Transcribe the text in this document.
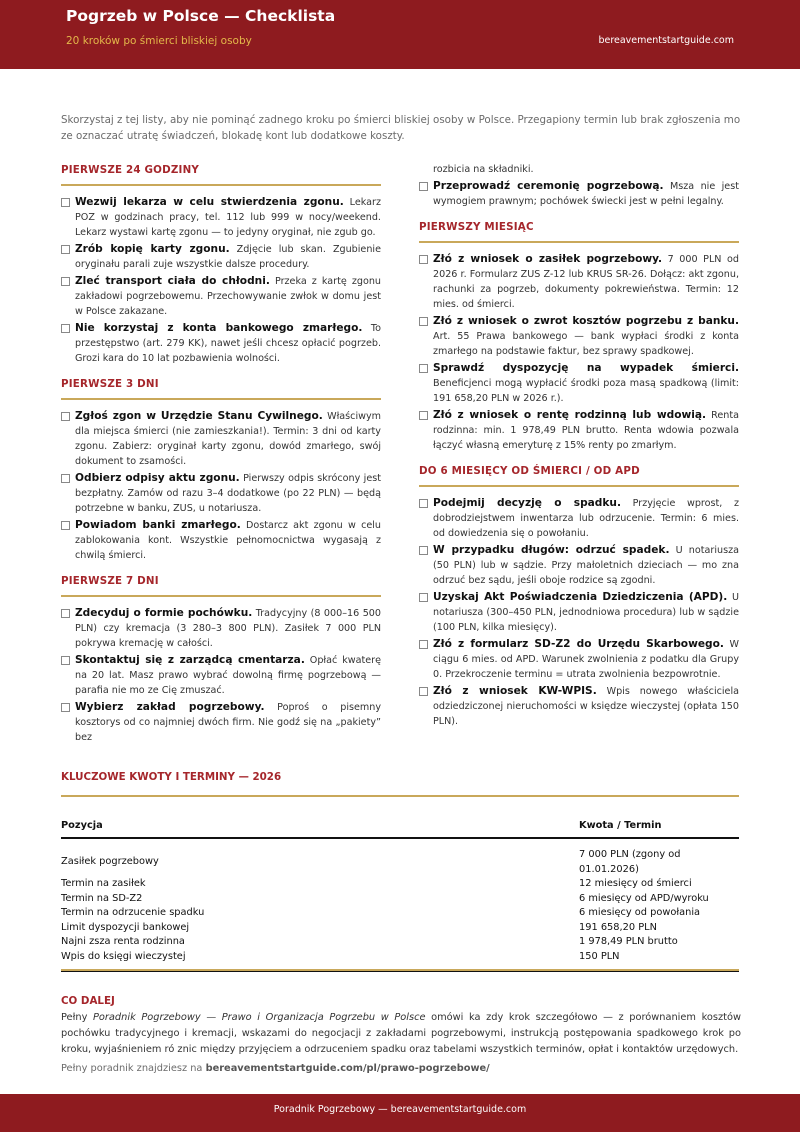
Pogrzeb w Polsce — Checklista
20 kroków po śmierci bliskiej osoby	bereavementstartguide.com
Skorzystaj z tej listy, aby nie pominąć zadnego kroku po śmierci bliskiej osoby w Polsce. Przegapiony termin lub brak zgłoszenia mo ze oznaczać utratę świadczeń, blokadę kont lub dodatkowe koszty.
PIERWSZE 24 GODZINY
Wezwij lekarza w celu stwierdzenia zgonu. Lekarz POZ w godzinach pracy, tel. 112 lub 999 w nocy/weekend. Lekarz wystawi kartę zgonu — to jedyny oryginał, nie zgub go.
Zrób kopię karty zgonu. Zdjęcie lub skan. Zgubienie oryginału parali zuje wszystkie dalsze procedury.
Zleć transport ciała do chłodni. Przeka z kartę zgonu zakładowi pogrzebowemu. Przechowywanie zwłok w domu jest w Polsce zakazane.
Nie korzystaj z konta bankowego zmarłego. To przestępstwo (art. 279 KK), nawet jeśli chcesz opłacić pogrzeb. Grozi kara do 10 lat pozbawienia wolności.
PIERWSZE 3 DNI
Zgłoś zgon w Urzędzie Stanu Cywilnego. Właściwym dla miejsca śmierci (nie zamieszkania!). Termin: 3 dni od karty zgonu. Zabierz: oryginał karty zgonu, dowód zmarłego, swój dokument to zsamości.
Odbierz odpisy aktu zgonu. Pierwszy odpis skrócony jest bezpłatny. Zamów od razu 3–4 dodatkowe (po 22 PLN) — będą potrzebne w banku, ZUS, u notariusza.
Powiadom banki zmarłego. Dostarcz akt zgonu w celu zablokowania kont. Wszystkie pełnomocnictwa wygasają z chwilą śmierci.
PIERWSZE 7 DNI
Zdecyduj o formie pochówku. Tradycyjny (8 000–16 500 PLN) czy kremacja (3 280–3 800 PLN). Zasiłek 7 000 PLN pokrywa kremację w całości.
Skontaktuj się z zarządcą cmentarza. Opłać kwaterę na 20 lat. Masz prawo wybrać dowolną firmę pogrzebową — parafia nie mo ze Cię zmuszać.
Wybierz zakład pogrzebowy. Poproś o pisemny kosztorys od co najmniej dwóch firm. Nie godź się na „pakiety” bez
rozbicia na składniki.
Przeprowadź ceremonię pogrzebową. Msza nie jest wymogiem prawnym; pochówek świecki jest w pełni legalny.
PIERWSZY MIESIĄC
Złó z wniosek o zasiłek pogrzebowy. 7 000 PLN od 2026 r. Formularz ZUS Z-12 lub KRUS SR-26. Dołącz: akt zgonu, rachunki za pogrzeb, dokumenty pokrewieństwa. Termin: 12 mies. od śmierci.
Złó z wniosek o zwrot kosztów pogrzebu z banku. Art. 55 Prawa bankowego — bank wypłaci środki z konta zmarłego na podstawie faktur, bez sprawy spadkowej.
Sprawdź dyspozycję na wypadek śmierci. Beneficjenci mogą wypłacić środki poza masą spadkową (limit: 191 658,20 PLN w 2026 r.).
Złó z wniosek o rentę rodzinną lub wdowią. Renta rodzinna: min. 1 978,49 PLN brutto. Renta wdowia pozwala łączyć własną emeryturę z 15% renty po zmarłym.
DO 6 MIESIĘCY OD ŚMIERCI / OD APD
Podejmij decyzję o spadku. Przyjęcie wprost, z dobrodziejstwem inwentarza lub odrzucenie. Termin: 6 mies. od dowiedzenia się o powołaniu.
W przypadku długów: odrzuć spadek. U notariusza (50 PLN) lub w sądzie. Przy małoletnich dzieciach — mo zna odrzuć bez sądu, jeśli oboje rodzice są zgodni.
Uzyskaj Akt Poświadczenia Dziedziczenia (APD). U notariusza (300–450 PLN, jednodniowa procedura) lub w sądzie (100 PLN, kilka miesięcy).
Złó z formularz SD-Z2 do Urzędu Skarbowego. W ciągu 6 mies. od APD. Warunek zwolnienia z podatku dla Grupy 0. Przekroczenie terminu = utrata zwolnienia bezpowrotnie.
Złó z wniosek KW-WPIS. Wpis nowego właściciela odziedziczonej nieruchomości w księdze wieczystej (opłata 150 PLN).
KLUCZOWE KWOTY I TERMINY — 2026
Pozycja	Kwota / Termin
Zasiłek pogrzebowy	7 000 PLN (zgony od 01.01.2026)
Termin na zasiłek	12 miesięcy od śmierci
Termin na SD-Z2	6 miesięcy od APD/wyroku
Termin na odrzucenie spadku	6 miesięcy od powołania
Limit dyspozycji bankowej	191 658,20 PLN
Najni zsza renta rodzinna	1 978,49 PLN brutto
Wpis do księgi wieczystej	150 PLN
CO DALEJ
Pełny Poradnik Pogrzebowy — Prawo i Organizacja Pogrzebu w Polsce omówi ka zdy krok szczegółowo — z porównaniem kosztów pochówku tradycyjnego i kremacji, wskazami do negocjacji z zakładami pogrzebowymi, instrukcją postępowania spadkowego krok po kroku, wyjaśnieniem ró znic między przyjęciem a odrzuceniem spadku oraz tabelami wszystkich terminów, opłat i kontaktów urzędowych.
Pełny poradnik znajdziesz na bereavementstartguide.com/pl/prawo-pogrzebowe/
Poradnik Pogrzebowy — bereavementstartguide.com
